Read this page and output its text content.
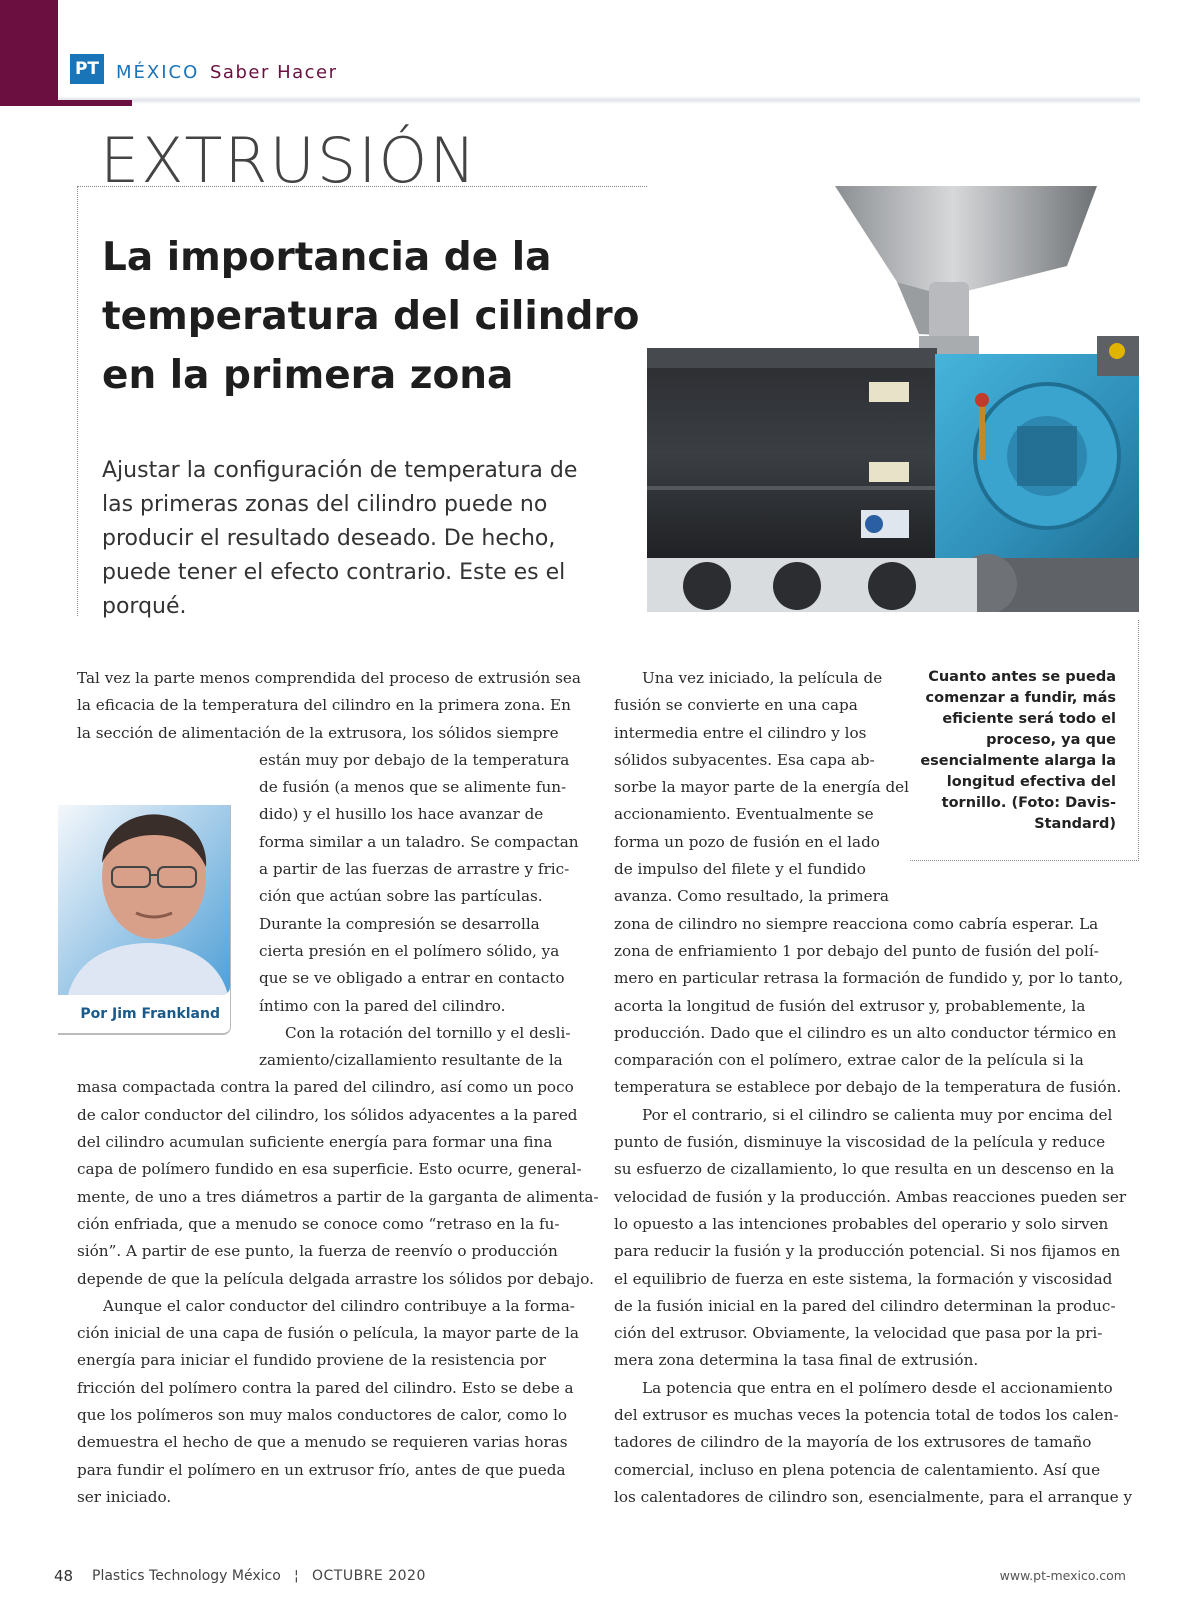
PT MÉXICO Saber Hacer
EXTRUSIÓN
La importancia de la temperatura del cilindro en la primera zona

Ajustar la configuración de temperatura de las primeras zonas del cilindro puede no producir el resultado deseado. De hecho, puede tener el efecto contrario. Este es el porqué.

Cuanto antes se pueda comenzar a fundir, más eficiente será todo el proceso, ya que esencialmente alarga la longitud efectiva del tornillo. (Foto: Davis-Standard)

Por Jim Frankland
Tal vez la parte menos comprendida del proceso de extrusión sea
la eficacia de la temperatura del cilindro en la primera zona. En
la sección de alimentación de la extrusora, los sólidos siempre
están muy por debajo de la temperatura
de fusión (a menos que se alimente fun-
dido) y el husillo los hace avanzar de
forma similar a un taladro. Se compactan
a partir de las fuerzas de arrastre y fric-
ción que actúan sobre las partículas.
Durante la compresión se desarrolla
cierta presión en el polímero sólido, ya
que se ve obligado a entrar en contacto
íntimo con la pared del cilindro.
Con la rotación del tornillo y el desli-
zamiento/cizallamiento resultante de la
masa compactada contra la pared del cilindro, así como un poco
de calor conductor del cilindro, los sólidos adyacentes a la pared
del cilindro acumulan suficiente energía para formar una fina
capa de polímero fundido en esa superficie. Esto ocurre, general-
mente, de uno a tres diámetros a partir de la garganta de alimenta-
ción enfriada, que a menudo se conoce como “retraso en la fu-
sión”. A partir de ese punto, la fuerza de reenvío o producción
depende de que la película delgada arrastre los sólidos por debajo.
Aunque el calor conductor del cilindro contribuye a la forma-
ción inicial de una capa de fusión o película, la mayor parte de la
energía para iniciar el fundido proviene de la resistencia por
fricción del polímero contra la pared del cilindro. Esto se debe a
que los polímeros son muy malos conductores de calor, como lo
demuestra el hecho de que a menudo se requieren varias horas
para fundir el polímero en un extrusor frío, antes de que pueda
ser iniciado.
Una vez iniciado, la película de
fusión se convierte en una capa
intermedia entre el cilindro y los
sólidos subyacentes. Esa capa ab-
sorbe la mayor parte de la energía del
accionamiento. Eventualmente se
forma un pozo de fusión en el lado
de impulso del filete y el fundido
avanza. Como resultado, la primera
zona de cilindro no siempre reacciona como cabría esperar. La
zona de enfriamiento 1 por debajo del punto de fusión del polí-
mero en particular retrasa la formación de fundido y, por lo tanto,
acorta la longitud de fusión del extrusor y, probablemente, la
producción. Dado que el cilindro es un alto conductor térmico en
comparación con el polímero, extrae calor de la película si la
temperatura se establece por debajo de la temperatura de fusión.
Por el contrario, si el cilindro se calienta muy por encima del
punto de fusión, disminuye la viscosidad de la película y reduce
su esfuerzo de cizallamiento, lo que resulta en un descenso en la
velocidad de fusión y la producción. Ambas reacciones pueden ser
lo opuesto a las intenciones probables del operario y solo sirven
para reducir la fusión y la producción potencial. Si nos fijamos en
el equilibrio de fuerza en este sistema, la formación y viscosidad
de la fusión inicial en la pared del cilindro determinan la produc-
ción del extrusor. Obviamente, la velocidad que pasa por la pri-
mera zona determina la tasa final de extrusión.
La potencia que entra en el polímero desde el accionamiento
del extrusor es muchas veces la potencia total de todos los calen-
tadores de cilindro de la mayoría de los extrusores de tamaño
comercial, incluso en plena potencia de calentamiento. Así que
los calentadores de cilindro son, esencialmente, para el arranque y
48 Plastics Technology México ¦ OCTUBRE 2020	www.pt-mexico.com
